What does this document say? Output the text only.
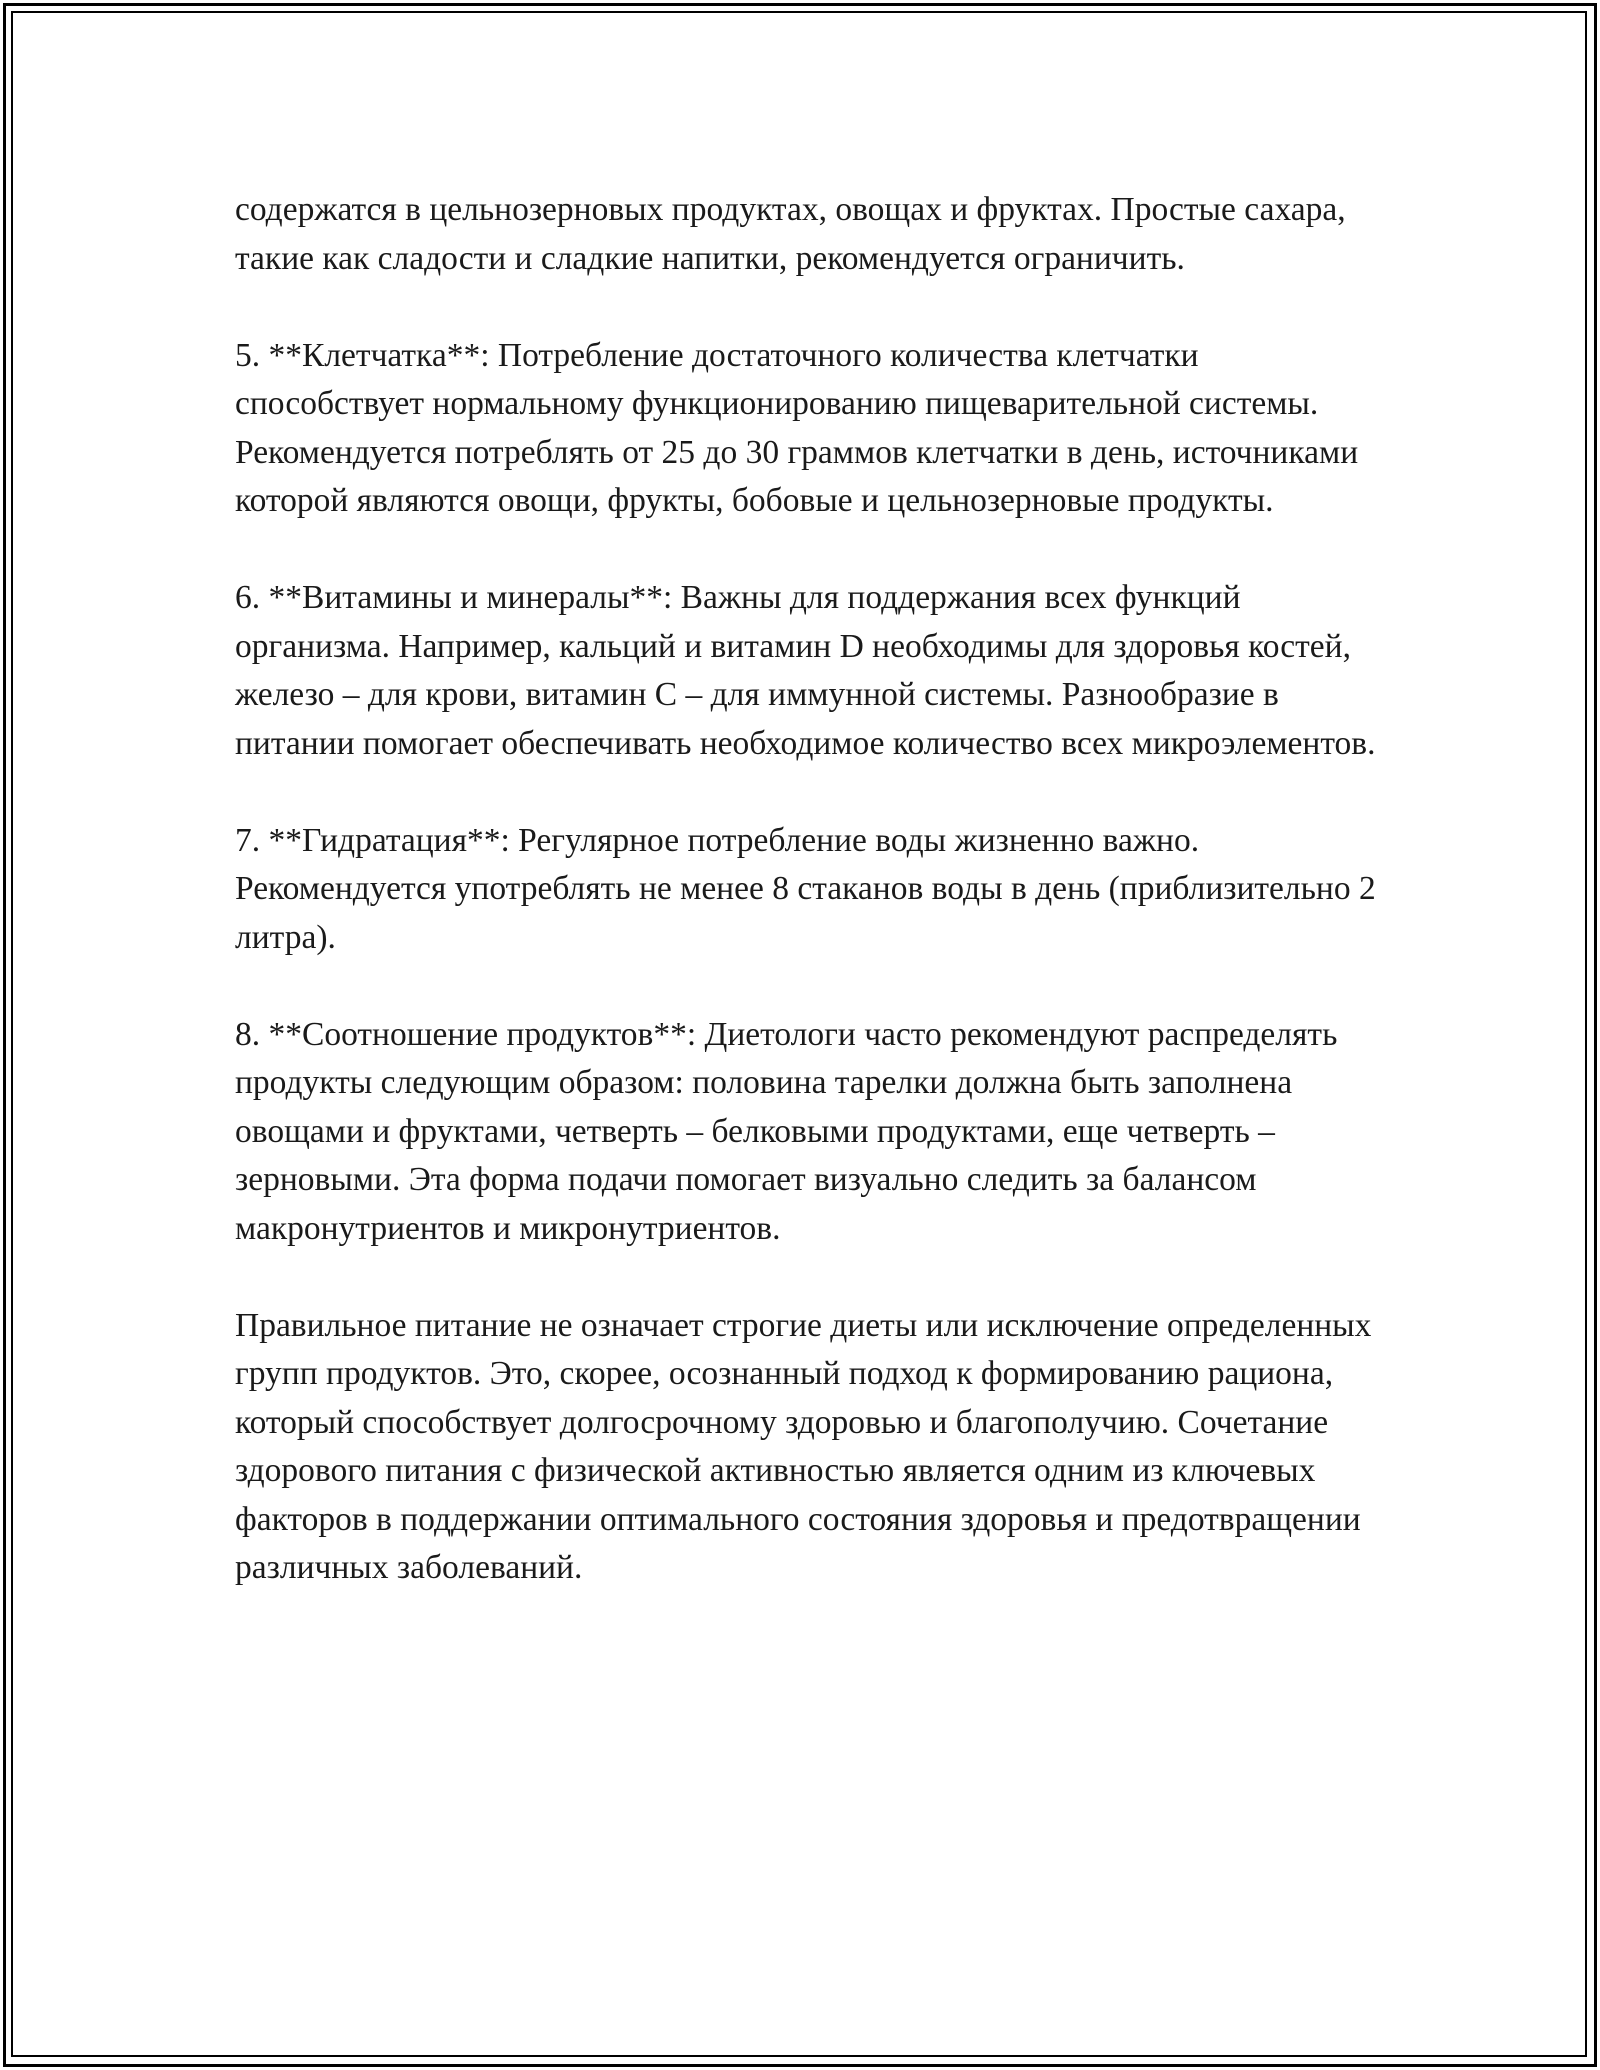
содержатся в цельнозерновых продуктах, овощах и фруктах. Простые сахара, такие как сладости и сладкие напитки, рекомендуется ограничить.

5. **Клетчатка**: Потребление достаточного количества клетчатки способствует нормальному функционированию пищеварительной системы. Рекомендуется потреблять от 25 до 30 граммов клетчатки в день, источниками которой являются овощи, фрукты, бобовые и цельнозерновые продукты.

6. **Витамины и минералы**: Важны для поддержания всех функций организма. Например, кальций и витамин D необходимы для здоровья костей, железо – для крови, витамин C – для иммунной системы. Разнообразие в питании помогает обеспечивать необходимое количество всех микроэлементов.

7. **Гидратация**: Регулярное потребление воды жизненно важно. Рекомендуется употреблять не менее 8 стаканов воды в день (приблизительно 2 литра).

8. **Соотношение продуктов**: Диетологи часто рекомендуют распределять продукты следующим образом: половина тарелки должна быть заполнена овощами и фруктами, четверть – белковыми продуктами, еще четверть – зерновыми. Эта форма подачи помогает визуально следить за балансом макронутриентов и микронутриентов.

Правильное питание не означает строгие диеты или исключение определенных групп продуктов. Это, скорее, осознанный подход к формированию рациона, который способствует долгосрочному здоровью и благополучию. Сочетание здорового питания с физической активностью является одним из ключевых факторов в поддержании оптимального состояния здоровья и предотвращении различных заболеваний.
